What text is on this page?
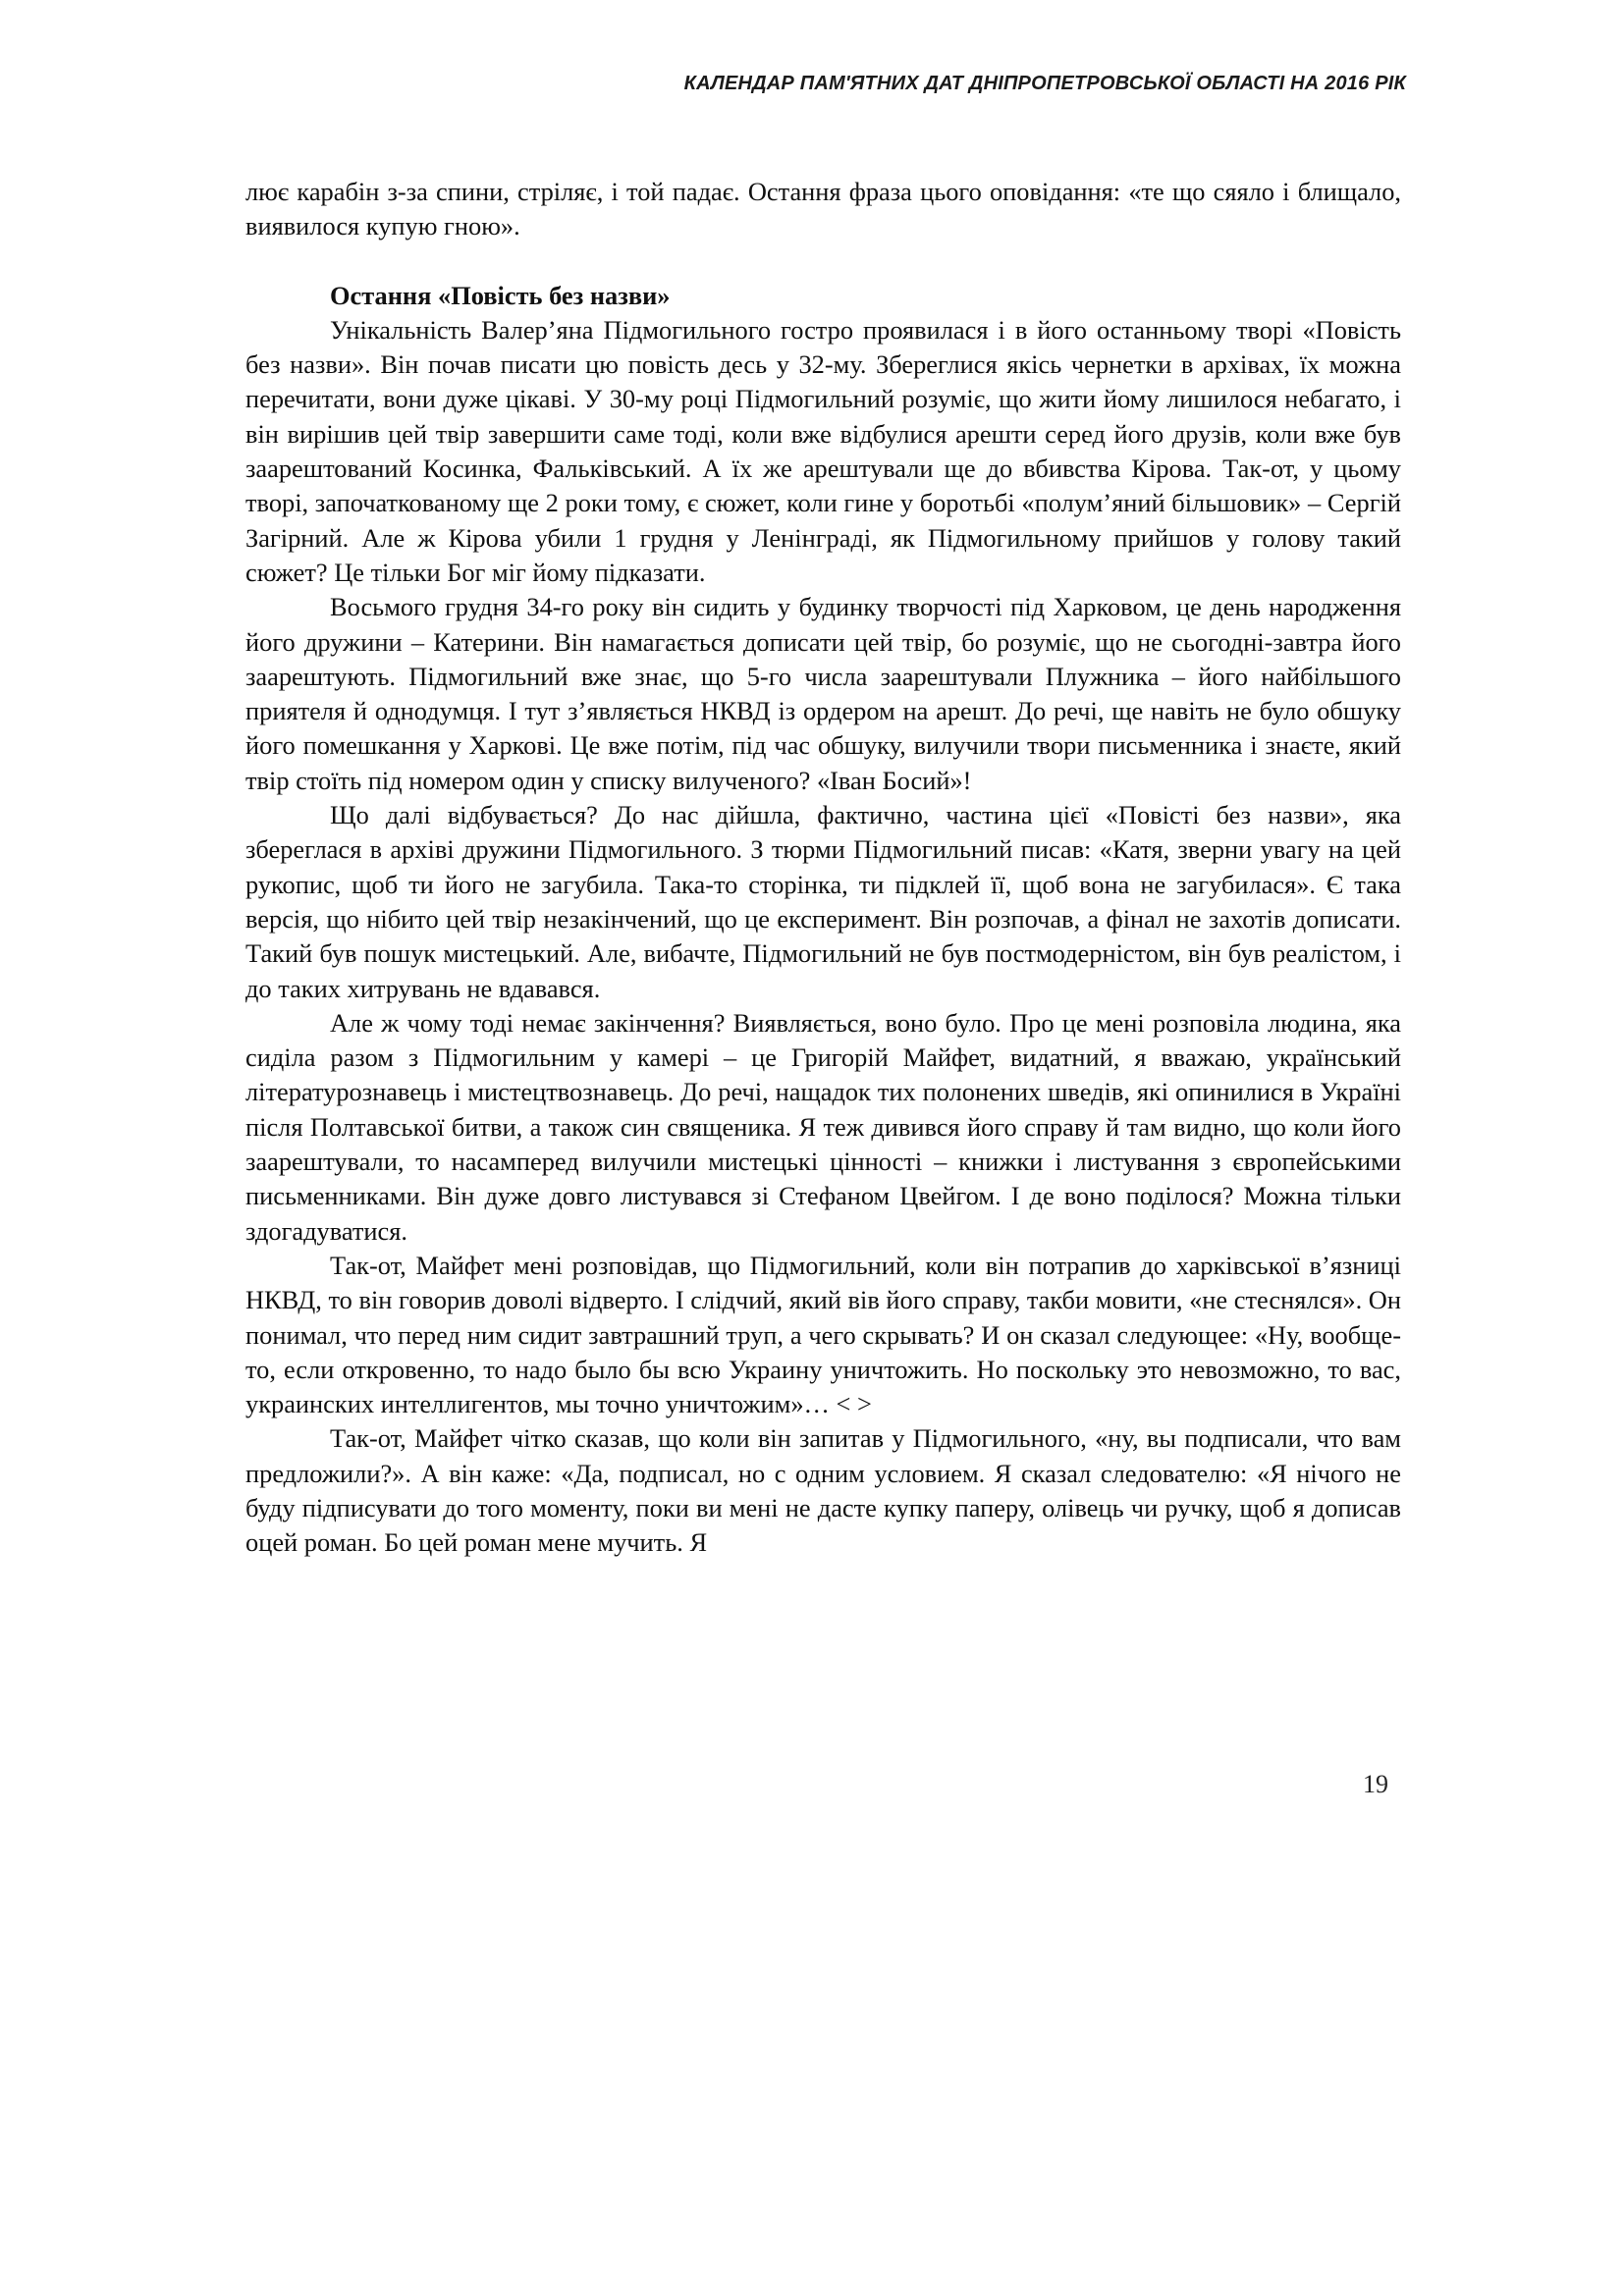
КАЛЕНДАР ПАМ'ЯТНИХ ДАТ ДНІПРОПЕТРОВСЬКОЇ ОБЛАСТІ НА 2016 РІК

лює карабін з-за спини, стріляє, і той падає. Остання фраза цього оповідання: «те що сяяло і блищало, виявилося купую гною».

Остання «Повість без назви»

Унікальність Валер’яна Підмогильного гостро проявилася і в його останньому творі «Повість без назви». Він почав писати цю повість десь у 32-му. Збереглися якісь чернетки в архівах, їх можна перечитати, вони дуже цікаві. У 30-му році Підмогильний розуміє, що жити йому лишилося небагато, і він вирішив цей твір завершити саме тоді, коли вже відбулися арешти серед його друзів, коли вже був заарештований Косинка, Фальківський. А їх же арештували ще до вбивства Кірова. Так-от, у цьому творі, започаткованому ще 2 роки тому, є сюжет, коли гине у боротьбі «полум’яний більшовик» – Сергій Загірний. Але ж Кірова убили 1 грудня у Ленінграді, як Підмогильному прийшов у голову такий сюжет? Це тільки Бог міг йому підказати.

Восьмого грудня 34-го року він сидить у будинку творчості під Харковом, це день народження його дружини – Катерини. Він намагається дописати цей твір, бо розуміє, що не сьогодні-завтра його заарештують. Підмогильний вже знає, що 5-го числа заарештували Плужника – його найбільшого приятеля й однодумця. І тут з’являється НКВД із ордером на арешт. До речі, ще навіть не було обшуку його помешкання у Харкові. Це вже потім, під час обшуку, вилучили твори письменника і знаєте, який твір стоїть під номером один у списку вилученого? «Іван Босий»!

Що далі відбувається? До нас дійшла, фактично, частина цієї «Повісті без назви», яка збереглася в архіві дружини Підмогильного. З тюрми Підмогильний писав: «Катя, зверни увагу на цей рукопис, щоб ти його не загубила. Така-то сторінка, ти підклей її, щоб вона не загубилася». Є така версія, що нібито цей твір незакінчений, що це експеримент. Він розпочав, а фінал не захотів дописати. Такий був пошук мистецький. Але, вибачте, Підмогильний не був постмодерністом, він був реалістом, і до таких хитрувань не вдавався.

Але ж чому тоді немає закінчення? Виявляється, воно було. Про це мені розповіла людина, яка сиділа разом з Підмогильним у камері – це Григорій Майфет, видатний, я вважаю, український літературознавець і мистецтвознавець. До речі, нащадок тих полонених шведів, які опинилися в Україні після Полтавської битви, а також син священика. Я теж дивився його справу й там видно, що коли його заарештували, то насамперед вилучили мистецькі цінності – книжки і листування з європейськими письменниками. Він дуже довго листувався зі Стефаном Цвейгом. І де воно поділося? Можна тільки здогадуватися.

Так-от, Майфет мені розповідав, що Підмогильний, коли він потрапив до харківської в’язниці НКВД, то він говорив доволі відверто. І слідчий, який вів його справу, такби мовити, «не стеснялся». Он понимал, что перед ним сидит завтрашний труп, а чего скрывать? И он сказал следующее: «Ну, вообще-то, если откровенно, то надо было бы всю Украину уничтожить. Но поскольку это невозможно, то вас, украинских интеллигентов, мы точно уничтожим»… < >

Так-от, Майфет чітко сказав, що коли він запитав у Підмогильного, «ну, вы подписали, что вам предложили?». А він каже: «Да, подписал, но с одним условием. Я сказал следователю: «Я нічого не буду підписувати до того моменту, поки ви мені не дасте купку паперу, олівець чи ручку, щоб я дописав оцей роман. Бо цей роман мене мучить. Я

19
